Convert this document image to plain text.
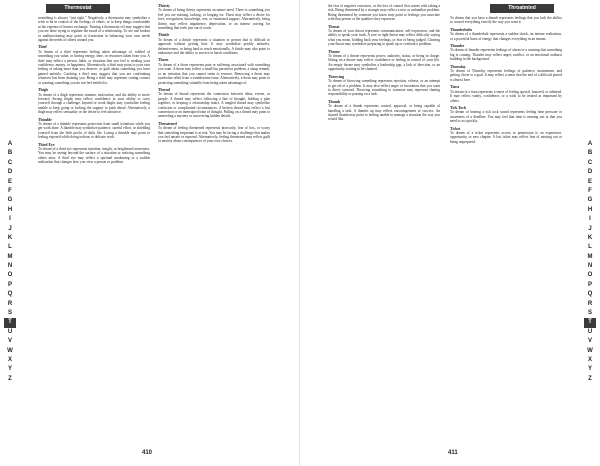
Thermostat
something is always “just right.” Negatively, a thermostat may symbolize a wish to be in control of the feelings of others, or to keep things comfortable at the expense of honest exchange. Turning a thermostat off may suggest that you are done trying to regulate the mood of a relationship. To see one broken or malfunctioning may point to frustration in balancing your own needs against the needs of others around you.
Thief
To dream of a thief represents feeling taken advantage of, robbed of something you value, or having energy, time, or resources taken from you. A thief may reflect a person, habit, or situation that you feel is stealing your confidence, money, or happiness. Alternatively, a thief may point to your own feeling of taking more than you deserve, or guilt about something you have gained unfairly. Catching a thief may suggest that you are confronting whatever has been draining you. Being a thief may represent cutting corners or wanting something you do not feel entitled to.
Thigh
To dream of a thigh represents stamina, motivation, and the ability to move forward. Strong thighs may reflect confidence in your ability to carry yourself through a challenge. Injured or weak thighs may symbolize feeling unable to keep going or lacking the support to push ahead. Alternatively, a thigh may reflect sensuality or the desire to feel attractive.
Thimble
To dream of a thimble represents protection from small irritations while you get work done. A thimble may symbolize patience, careful effort, or shielding yourself from the little pricks of daily life. Losing a thimble may point to feeling exposed while doing tedious or delicate work.
Third Eye
To dream of a third eye represents intuition, insight, or heightened awareness. You may be seeing beyond the surface of a situation or noticing something others miss. A third eye may reflect a spiritual awakening or a sudden realization that changes how you view a person or problem.
Thirsty
To dream of being thirsty represents an unmet need. There is something you feel you are missing, lacking, or longing for. Thirst may reflect a desire for love, recognition, knowledge, rest, or emotional support. Alternatively, being thirsty may reflect impatience, deprivation, or an intense craving for something that feels just out of reach.
Thistle
To dream of a thistle represents a situation or person that is difficult to approach without getting hurt. It may symbolize prickly attitudes, defensiveness, or being hard to reach emotionally. A thistle may also point to endurance and the ability to survive in harsh conditions.
Thorn
To dream of a thorn represents pain or suffering associated with something you want. A thorn may reflect a small but persistent problem, a sharp remark, or an irritation that you cannot seem to remove. Removing a thorn may symbolize relief from a troublesome issue. Alternatively, a thorn may point to protecting something valuable from being taken advantage of.
Thread
To dream of thread represents the connection between ideas, events, or people. A thread may reflect following a line of thought, holding a plan together, or keeping a relationship intact. A tangled thread may symbolize confusion or complicated circumstances. A broken thread may reflect a lost connection or an interrupted train of thought. Pulling on a thread may point to unraveling a mystery or uncovering hidden details.
Threatened
To dream of feeling threatened represents insecurity, fear of loss, or worry that something important is at risk. You may be facing a challenge that makes you feel unsafe or exposed. Alternatively, feeling threatened may reflect guilt or anxiety about consequences of your own choices.
A
B
C
D
E
F
G
H
I
J
K
L
M
N
O
P
Q
R
S
T
U
V
W
X
Y
Z
410
Throatmind
the fear of negative outcomes, or the loss of control that comes with taking a risk. Being threatened by a stranger may reflect a new or unfamiliar problem. Being threatened by someone you know may point to feelings you associate with that person or the qualities they represent.
Throat
To dream of your throat represents communication, self-expression, and the ability to speak your truth. A sore or tight throat may reflect difficulty saying what you mean, holding back your feelings, or fear of being judged. Clearing your throat may symbolize preparing to speak up or confront a problem.
Throne
To dream of a throne represents power, authority, status, or being in charge. Sitting on a throne may reflect confidence or feeling in control of your life. An empty throne may symbolize a leadership gap, a lack of direction, or an opportunity waiting to be claimed.
Throwing
To dream of throwing something represents rejection, release, or an attempt to get rid of a problem. It may also reflect anger or frustration that you want to direct outward. Throwing something to someone may represent sharing responsibility or passing on a task.
Thumb
To dream of a thumb represents control, approval, or being capable of handling a task. A thumbs up may reflect encouragement or success. An injured thumb may point to feeling unable to manage a situation the way you would like.
To dream that you have a thumb represents feelings that you lack the ability to control everything exactly the way you want it.
Thunderbolts
To dream of a thunderbolt represents a sudden shock, an intense realization, or a powerful burst of energy that changes everything in an instant.
Thunder
To dream of thunder represents feelings of alarm or a warning that something big is coming. Thunder may reflect anger, conflict, or an emotional outburst building in the background.
Thursday
To dream of Thursday represents feelings of patience, momentum, and getting closer to a goal. It may reflect a sense that the end of a difficult period is almost here.
Tiara
To dream of a tiara represents a sense of feeling special, honored, or admired. It may reflect vanity, confidence, or a wish to be treated as important by others.
Tick Tock
To dream of hearing a tick tock sound represents feeling time pressure or awareness of a deadline. You may feel that time is running out or that you need to act quickly.
Ticket
To dream of a ticket represents access or permission to an experience, opportunity, or new chapter. A lost ticket may reflect fear of missing out or being unprepared.	A
B
C
D
E
F
G
H
I
J
K
L
M
N
O
P
Q
R
S
T
U
V
W
X
Y
Z
411
